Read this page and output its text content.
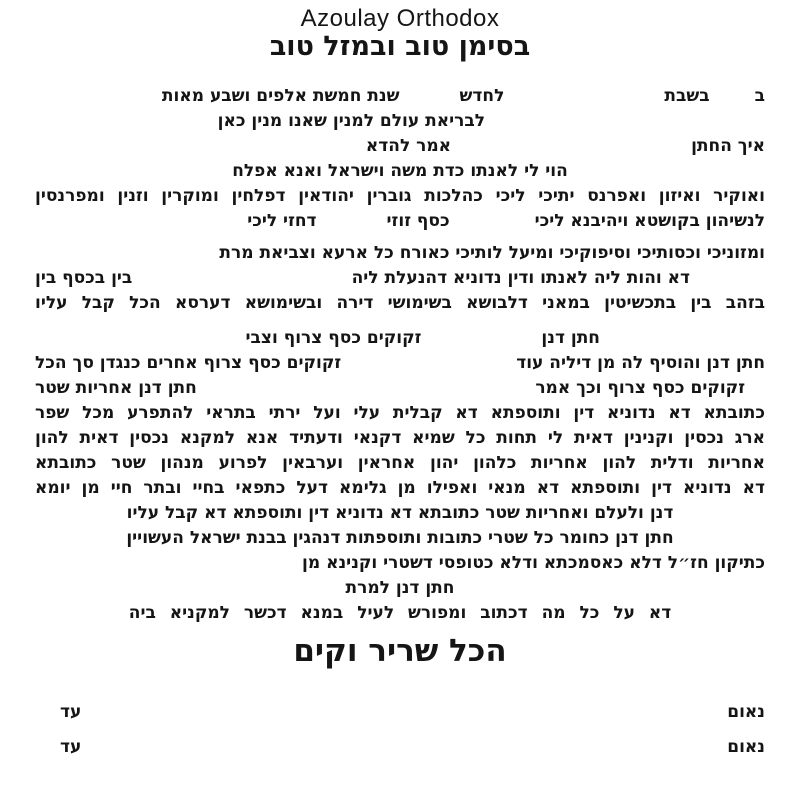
Azoulay Orthodox
בסימן טוב ובמזל טוב
ב
בשבת
לחדש
שנת חמשת אלפים ושבע מאות
לבריאת עולם למנין שאנו מנין כאן
איך החתן
אמר להדא
הוי לי לאנתו כדת משה וישראל ואנא אפלח
ואוקיר ואיזון ואפרנס יתיכי ליכי כהלכות גוברין יהודאין דפלחין ומוקרין וזנין ומפרנסין
לנשיהון בקושטא ויהיבנא ליכי
כסף זוזי
דחזי ליכי
ומזוניכי וכסותיכי וסיפוקיכי ומיעל לותיכי כאורח כל ארעא וצביאת מרת
דא והות ליה לאנתו ודין נדוניא דהנעלת ליה
בין בכסף בין
בזהב בין בתכשיטין במאני דלבושא בשימושי דירה ובשימושא דערסא הכל קבל עליו
חתן דנן
זקוקים כסף צרוף וצבי
חתן דנן והוסיף לה מן דיליה עוד
זקוקים כסף צרוף אחרים כנגדן סך הכל
זקוקים כסף צרוף וכך אמר
חתן דנן אחריות שטר
כתובתא דא נדוניא דין ותוספתא דא קבלית עלי ועל ירתי בתראי להתפרע מכל שפר
ארג נכסין וקנינין דאית לי תחות כל שמיא דקנאי ודעתיד אנא למקנא נכסין דאית להון
אחריות ודלית להון אחריות כלהון יהון אחראין וערבאין לפרוע מנהון שטר כתובתא
דא נדוניא דין ותוספתא דא מנאי ואפילו מן גלימא דעל כתפאי בחיי ובתר חיי מן יומא
דנן ולעלם ואחריות שטר כתובתא דא נדוניא דין ותוספתא דא קבל עליו
חתן דנן כחומר כל שטרי כתובות ותוספתות דנהגין בבנת ישראל העשויין
כתיקון חז״ל דלא כאסמכתא ודלא כטופסי דשטרי וקנינא מן
חתן דנן למרת
דא על כל מה דכתוב ומפורש לעיל במנא דכשר למקניא ביה
הכל שריר וקים
נאום
עד
נאום
עד
